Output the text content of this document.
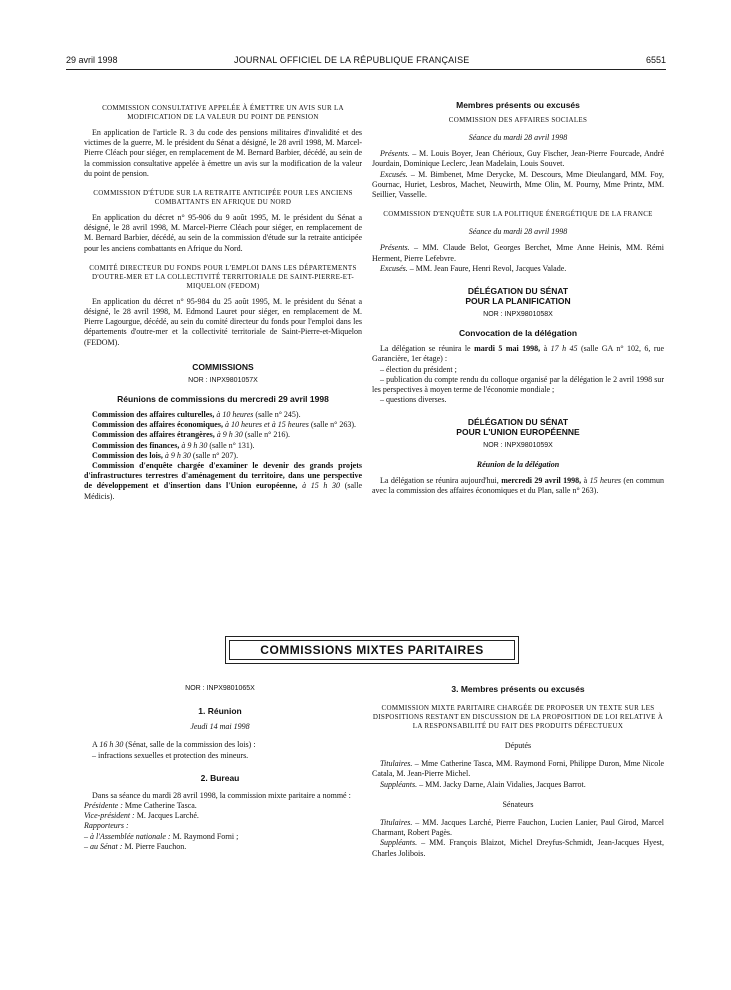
29 avril 1998	JOURNAL OFFICIEL DE LA RÉPUBLIQUE FRANÇAISE	6551
COMMISSION CONSULTATIVE APPELÉE À ÉMETTRE UN AVIS SUR LA MODIFICATION DE LA VALEUR DU POINT DE PENSION

En application de l'article R. 3 du code des pensions militaires d'invalidité et des victimes de la guerre, M. le président du Sénat a désigné, le 28 avril 1998, M. Marcel-Pierre Cléach pour siéger, en remplacement de M. Bernard Barbier, décédé, au sein de la commission consultative appelée à émettre un avis sur la modification de la valeur du point de pension.

COMMISSION D'ÉTUDE SUR LA RETRAITE ANTICIPÉE POUR LES ANCIENS COMBATTANTS EN AFRIQUE DU NORD

En application du décret n° 95-906 du 9 août 1995, M. le président du Sénat a désigné, le 28 avril 1998, M. Marcel-Pierre Cléach pour siéger, en remplacement de M. Bernard Barbier, décédé, au sein de la commission d'étude sur la retraite anticipée pour les anciens combattants en Afrique du Nord.

COMITÉ DIRECTEUR DU FONDS POUR L'EMPLOI DANS LES DÉPARTEMENTS D'OUTRE-MER ET LA COLLECTIVITÉ TERRITORIALE DE SAINT-PIERRE-ET-MIQUELON (FEDOM)

En application du décret n° 95-984 du 25 août 1995, M. le président du Sénat a désigné, le 28 avril 1998, M. Edmond Lauret pour siéger, en remplacement de M. Pierre Lagourgue, décédé, au sein du comité directeur du fonds pour l'emploi dans les départements d'outre-mer et la collectivité territoriale de Saint-Pierre-et-Miquelon (FEDOM).

COMMISSIONS
NOR : INPX9801057X
Réunions de commissions du mercredi 29 avril 1998

Commission des affaires culturelles, à 10 heures (salle n° 245).

Commission des affaires économiques, à 10 heures et à 15 heures (salle n° 263).

Commission des affaires étrangères, à 9 h 30 (salle n° 216).

Commission des finances, à 9 h 30 (salle n° 131).

Commission des lois, à 9 h 30 (salle n° 207).

Commission d'enquête chargée d'examiner le devenir des grands projets d'infrastructures terrestres d'aménagement du territoire, dans une perspective de développement et d'insertion dans l'Union européenne, à 15 h 30 (salle Médicis).

Membres présents ou excusés
COMMISSION DES AFFAIRES SOCIALES
Séance du mardi 28 avril 1998

Présents. – M. Louis Boyer, Jean Chérioux, Guy Fischer, Jean-Pierre Fourcade, André Jourdain, Dominique Leclerc, Jean Madelain, Louis Souvet.

Excusés. – M. Bimbenet, Mme Derycke, M. Descours, Mme Dieulangard, MM. Foy, Gournac, Huriet, Lesbros, Machet, Neuwirth, Mme Olin, M. Pourny, Mme Printz, MM. Seillier, Vasselle.

COMMISSION D'ENQUÊTE SUR LA POLITIQUE ÉNERGÉTIQUE DE LA FRANCE
Séance du mardi 28 avril 1998

Présents. – MM. Claude Belot, Georges Berchet, Mme Anne Heinis, MM. Rémi Herment, Pierre Lefebvre.

Excusés. – MM. Jean Faure, Henri Revol, Jacques Valade.

DÉLÉGATION DU SÉNAT
POUR LA PLANIFICATION
NOR : INPX9801058X
Convocation de la délégation

La délégation se réunira le mardi 5 mai 1998, à 17 h 45 (salle GA n° 102, 6, rue Garancière, 1er étage) :

– élection du président ;

– publication du compte rendu du colloque organisé par la délégation le 2 avril 1998 sur les perspectives à moyen terme de l'économie mondiale ;

– questions diverses.

DÉLÉGATION DU SÉNAT
POUR L'UNION EUROPÉENNE
NOR : INPX9801059X
Réunion de la délégation

La délégation se réunira aujourd'hui, mercredi 29 avril 1998, à 15 heures (en commun avec la commission des affaires économiques et du Plan, salle n° 263).

COMMISSIONS MIXTES PARITAIRES
NOR : INPX9801065X
1. Réunion
Jeudi 14 mai 1998

A 16 h 30 (Sénat, salle de la commission des lois) :

– infractions sexuelles et protection des mineurs.

2. Bureau

Dans sa séance du mardi 28 avril 1998, la commission mixte paritaire a nommé :

Présidente : Mme Catherine Tasca.

Vice-président : M. Jacques Larché.

Rapporteurs :

– à l'Assemblée nationale : M. Raymond Forni ;

– au Sénat : M. Pierre Fauchon.

3. Membres présents ou excusés
COMMISSION MIXTE PARITAIRE CHARGÉE DE PROPOSER UN TEXTE SUR LES DISPOSITIONS RESTANT EN DISCUSSION DE LA PROPOSITION DE LOI RELATIVE À LA RESPONSABILITÉ DU FAIT DES PRODUITS DÉFECTUEUX
Députés

Titulaires. – Mme Catherine Tasca, MM. Raymond Forni, Philippe Duron, Mme Nicole Catala, M. Jean-Pierre Michel.

Suppléants. – MM. Jacky Darne, Alain Vidalies, Jacques Barrot.

Sénateurs

Titulaires. – MM. Jacques Larché, Pierre Fauchon, Lucien Lanier, Paul Girod, Marcel Charmant, Robert Pagès.

Suppléants. – MM. François Blaizot, Michel Dreyfus-Schmidt, Jean-Jacques Hyest, Charles Jolibois.
